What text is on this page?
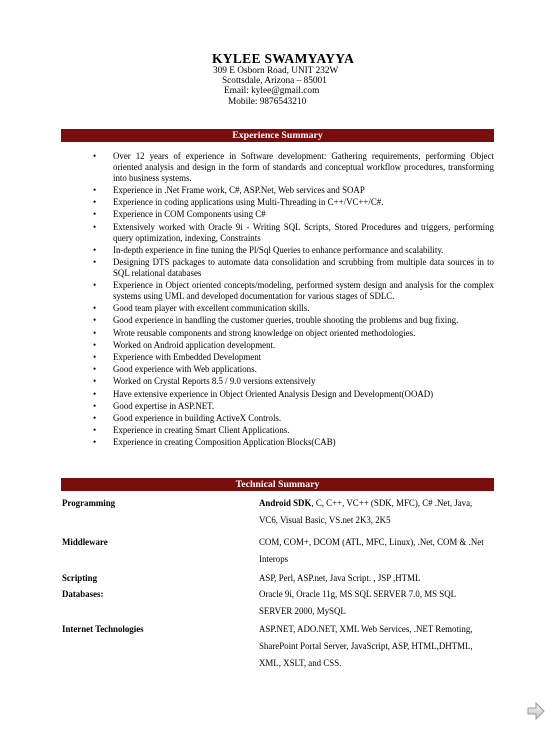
KYLEE SWAMYAYYA
309 E Osborn Road, UNIT 232W
Scottsdale, Arizona – 85001
Email: kylee@gmail.com
Mobile: 9876543210
Experience Summary
• Over 12 years of experience in Software development: Gathering requirements, performing Object oriented analysis and design in the form of standards and conceptual workflow procedures, transforming into business systems.
• Experience in .Net Frame work, C#, ASP.Net, Web services and SOAP
• Experience in coding applications using Multi-Threading in C++/VC++/C#.
• Experience in COM Components using C#
• Extensively worked with Oracle 9i - Writing SQL Scripts, Stored Procedures and triggers, performing query optimization, indexing, Constraints
• In-depth experience in fine tuning the Pl/Sql Queries to enhance performance and scalability.
• Designing DTS packages to automate data consolidation and scrubbing from multiple data sources in to SQL relational databases
• Experience in Object oriented concepts/modeling, performed system design and analysis for the complex systems using UML and developed documentation for various stages of SDLC.
• Good team player with excellent communication skills.
• Good experience in handling the customer queries, trouble shooting the problems and bug fixing.
• Wrote reusable components and strong knowledge on object oriented methodologies.
• Worked on Android application development.
• Experience with Embedded Development
• Good experience with Web applications.
• Worked on Crystal Reports 8.5 / 9.0 versions extensively
• Have extensive experience in Object Oriented Analysis Design and Development(OOAD)
• Good expertise in ASP.NET.
• Good experience in building ActiveX Controls.
• Experience in creating Smart Client Applications.
• Experience in creating Composition Application Blocks(CAB)
Technical Summary
Programming	Android SDK, C, C++, VC++ (SDK, MFC), C# .Net, Java, VC6, Visual Basic, VS.net 2K3, 2K5
Middleware	COM, COM+, DCOM (ATL, MFC, Linux), .Net, COM & .Net Interops
Scripting	ASP, Perl, ASP.net, Java Script. , JSP ,HTML
Databases:	Oracle 9i, Oracle 11g, MS SQL SERVER 7.0, MS SQL SERVER 2000, MySQL
Internet Technologies	ASP.NET, ADO.NET, XML Web Services, .NET Remoting, SharePoint Portal Server, JavaScript, ASP, HTML,DHTML, XML, XSLT, and CSS.
